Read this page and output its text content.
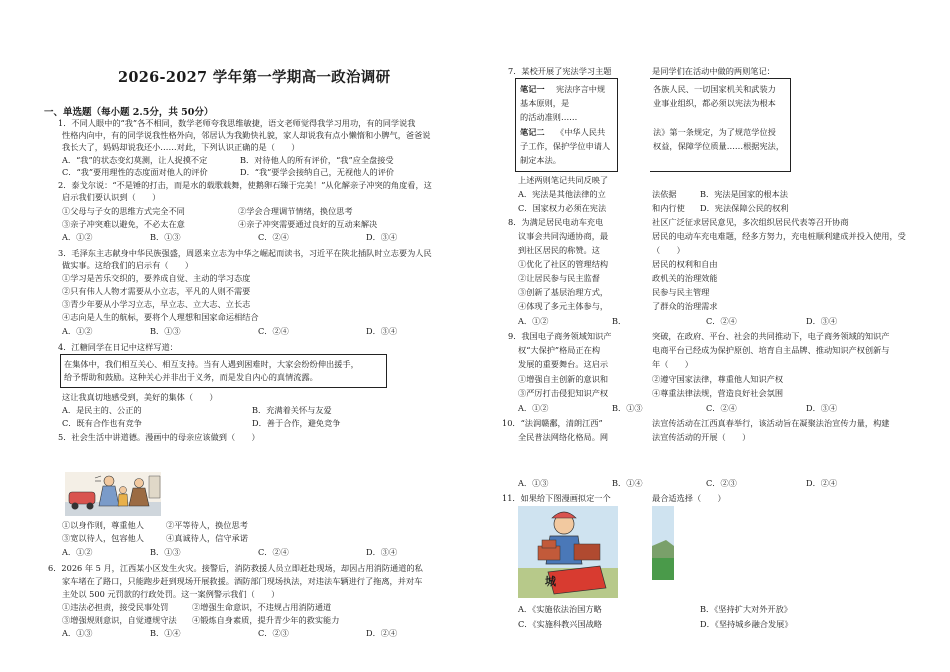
2026-2027 学年第一学期高一政治调研
一、单选题（每小题 2.5分，共 50分）
1．不同人眼中的“我”各不相同，数学老师夸我思维敏捷，语文老师觉得我学习用功，有的同学说我
性格内向中，有的同学说我性格外向，邻居认为我勤快礼貌，家人却说我有点小懒惰和小脾气，爸爸说
我长大了，妈妈却说我还小……对此，下列认识正确的是（　　）
A．“我”的状态变幻莫测，让人捉摸不定	B．对待他人的所有评价，“我”应全盘接受
C．“我”要用理性的态度面对他人的评价	D．“我”要学会接纳自己，无视他人的评价
2．泰戈尔说：“不是锤的打击，而是水的载歌载舞，使鹅卵石臻于完美！”从化解亲子冲突的角度看，这
启示我们要认识到（　　）
①父母与子女的思维方式完全不同	②学会合理调节情绪，换位思考
③亲子冲突难以避免，不必太在意	④亲子冲突需要通过良好的互动来解决
A．①②	B．①③	C．②④	D．③④
3．毛泽东主志献身中华民族强盛，周恩来立志为中华之崛起而读书，习近平在陕北插队时立志要为人民
做实事。这给我们的启示有（　　）
①学习是苦乐交织的，要养成自觉、主动的学习态度
②只有伟人人物才需要从小立志，平凡的人则不需要
③青少年要从小学习立志，早立志、立大志、立长志
④志向是人生的航标，要将个人理想和国家命运相结合
A．①②	B．①③	C．②④	D．③④
4．江糖同学在日记中这样写道：
在集体中，我们相互关心、相互支持。当有人遇到困难时，大家会纷纷伸出援手，
给予帮助和鼓励。这种关心并非出于义务，而是发自内心的真情流露。
这让我真切地感受到，美好的集体（　　）
A．是民主的、公正的	B．充满着关怀与友爱
C．既有合作也有竞争	D．善于合作，避免竞争
5．社会生活中讲道德。漫画中的母亲应该做到（　　）
①以身作则，尊重他人	②平等待人，换位思考
③宽以待人，包容他人	④真诚待人，信守承诺
A．①②	B．①③	C．②④	D．③④
6．2026 年 5 月，江西某小区发生火灾。接警后，消防救援人员立即赶赴现场，却因占用消防通道的私
家车堵在了路口，只能跑步赶到现场开展救援。酒防部门现场执法，对违法车辆进行了拖离，并对车
主处以 500 元罚款的行政处罚。这一案例警示我们（　　）
①违法必担责，接受民事处罚	②增强生命意识，不违规占用消防通道
③增强规则意识，自觉遵规守法 ④锻炼自身素质，提升青少年的救实能力
A．①③	B．①④	C．②③	D．②④
7．某校开展了宪法学习主题	是同学们在活动中做的两则笔记：
笔记一 宪法序言中规
基本原则，是
的活动准则……
笔记二 《中华人民共
子工作，保护学位申请人
制定本法。
各族人民、一切国家机关和武装力
业事业组织，都必须以宪法为根本
法》第一条规定，为了规范学位授
权益，保障学位质量……根据宪法，
上述两则笔记共同反映了
A．宪法是其他法律的立	法依据	B．宪法是国家的根本法
C．国家权力必须在宪法	和内行使 D．宪法保障公民的权利
8．为满足居民电动车充电	社区广泛征求居民意见，多次组织居民代表等召开协商
议事会共同沟通协商，最	居民的电动车充电难题，经多方努力，充电桩顺利建成并投入使用，受
到社区居民的称赞。这	（　　）
①优化了社区的管理结构	居民的权利和自由
②让居民参与民主监督	政机关的治理效能
③创新了基层治理方式，	民参与民主管理
④体现了多元主体参与，	了群众的治理需求
A．①②	B．	C．②④	D．③④
9．我国电子商务领域知识产	突破，在政府、平台、社会的共同推动下，电子商务领域的知识产
权“大保护”格局正在构	电商平台已经成为保护原创、培育自主品牌、推动知识产权创新与
发展的重要舞台。这启示	年（　　）
①增强自主创新的意识和	②遵守国家法律，尊重他人知识产权
③严厉打击侵犯知识产权	④尊重法律法规，营造良好社会氛围
A．①②	B．①③	C．②④	D．③④
10．“法润赣鄱，清朗江西”	法宣传活动在江西真春举行，该活动旨在凝聚法治宣传力量，构建
全民普法网络化格局。网	法宣传活动的开展（　　）
A．①③	B．①④	C．②③	D．②④
11．如果给下图漫画拟定一个	最合适选择（　　）
城
A．《实施依法治国方略	B．《坚持扩大对外开放》
C．《实施科教兴国战略	D．《坚持城乡融合发展》
